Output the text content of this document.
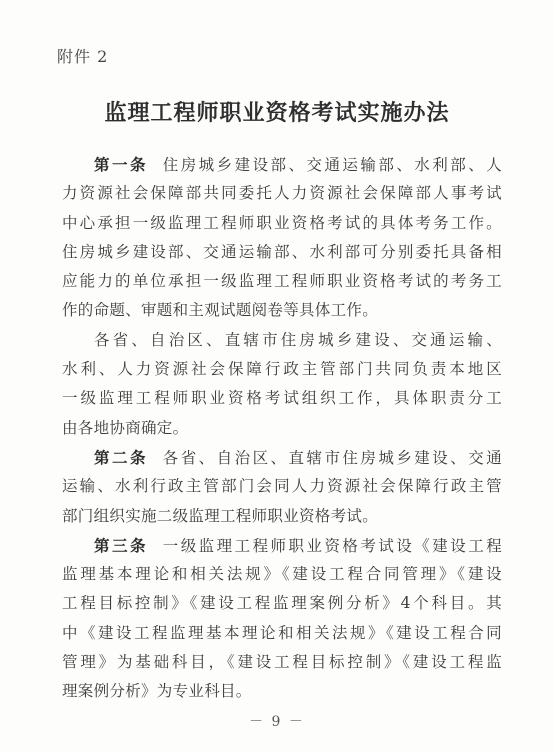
附件 2
监理工程师职业资格考试实施办法
第一条 住房城乡建设部、交通运输部、水利部、人
力资源社会保障部共同委托人力资源社会保障部人事考试
中心承担一级监理工程师职业资格考试的具体考务工作。
住房城乡建设部、交通运输部、水利部可分别委托具备相
应能力的单位承担一级监理工程师职业资格考试的考务工
作的命题、审题和主观试题阅卷等具体工作。
各省、自治区、直辖市住房城乡建设、交通运输、
水利、人力资源社会保障行政主管部门共同负责本地区
一级监理工程师职业资格考试组织工作，具体职责分工
由各地协商确定。
第二条 各省、自治区、直辖市住房城乡建设、交通
运输、水利行政主管部门会同人力资源社会保障行政主管
部门组织实施二级监理工程师职业资格考试。
第三条 一级监理工程师职业资格考试设《建设工程
监理基本理论和相关法规》《建设工程合同管理》《建设
工程目标控制》《建设工程监理案例分析》4个科目。其
中《建设工程监理基本理论和相关法规》《建设工程合同
管理》为基础科目，《建设工程目标控制》《建设工程监
理案例分析》为专业科目。
－ 9 －
